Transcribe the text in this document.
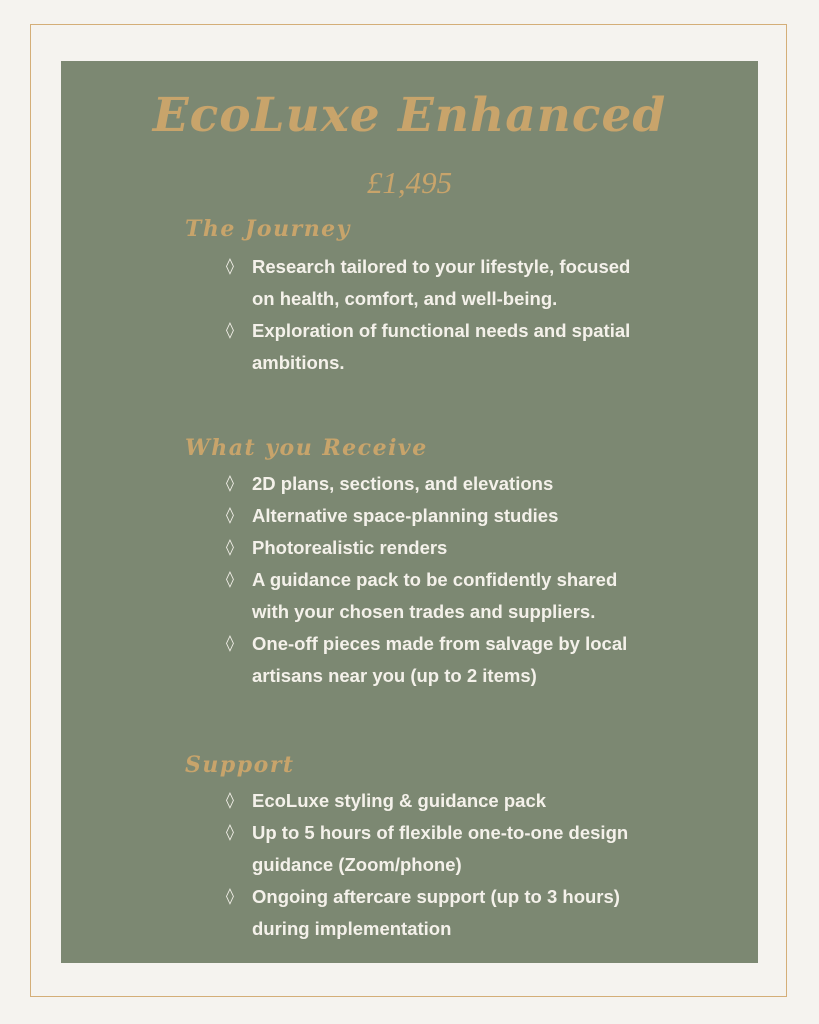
EcoLuxe Enhanced
£1,495
The Journey
◊ Research tailored to your lifestyle, focused on health, comfort, and well-being.
◊ Exploration of functional needs and spatial ambitions.
What you Receive
◊ 2D plans, sections, and elevations
◊ Alternative space-planning studies
◊ Photorealistic renders
◊ A guidance pack to be confidently shared with your chosen trades and suppliers.
◊ One-off pieces made from salvage by local artisans near you (up to 2 items)
Support
◊ EcoLuxe styling & guidance pack
◊ Up to 5 hours of flexible one-to-one design guidance (Zoom/phone)
◊ Ongoing aftercare support (up to 3 hours) during implementation
